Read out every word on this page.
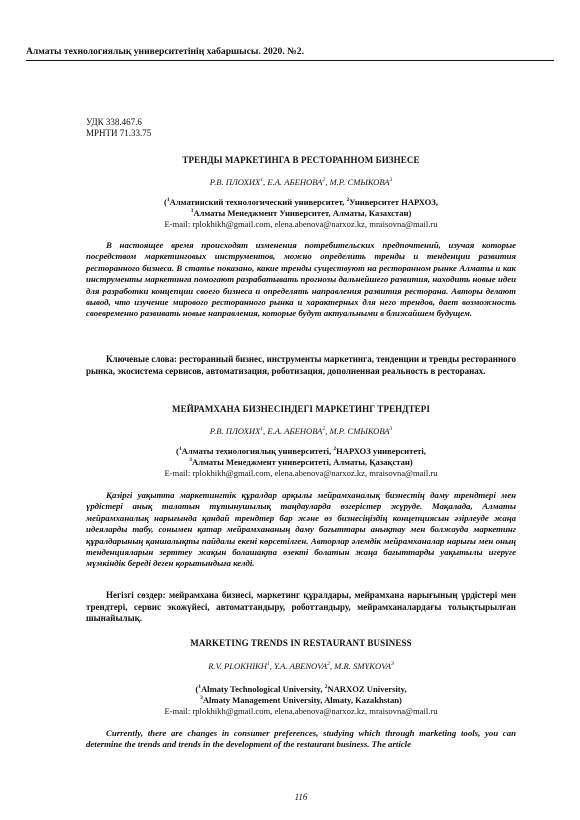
Алматы технологиялық университетінің хабаршысы. 2020. №2.
УДК 338.467.6
МРНТИ 71.33.75
ТРЕНДЫ МАРКЕТИНГА В РЕСТОРАННОМ БИЗНЕСЕ
Р.В. ПЛОХИХ$^1$, Е.А. АБЕНОВА$^2$, М.Р. СМЫКОВА$^3$
($^1$Алматинский технологический университет, $^2$Университет НАРХОЗ,
$^3$Алматы Менеджмент Университет, Алматы, Казахстан)
E-mail: rplokhikh@gmail.com, elena.abenova@narxoz.kz, mraisovna@mail.ru
В настоящее время происходят изменения потребительских предпочтений, изучая которые посредством маркетинговых инструментов, можно определить тренды и тенденции развития ресторанного бизнеса. В статье показано, какие тренды существуют на ресторанном рынке Алматы и как инструменты маркетинга помогают разрабатывать прогнозы дальнейшего развития, находить новые идеи для разработки концепции своего бизнеса и определять направления развития ресторана. Авторы делают вывод, что изучение мирового ресторанного рынка и характерных для него трендов, дает возможность своевременно развивать новые направления, которые будут актуальными в ближайшем будущем.
Ключевые слова: ресторанный бизнес, инструменты маркетинга, тенденции и тренды ресторанного рынка, экосистема сервисов, автоматизация, роботизация, дополненная реальность в ресторанах.
МЕЙРАМХАНА БИЗНЕСІНДЕГІ МАРКЕТИНГ ТРЕНДТЕРІ
Р.В. ПЛОХИХ$^1$, Е.А. АБЕНОВА$^2$, М.Р. СМЫКОВА$^3$
($^1$Алматы технологиялық университеті, $^2$НАРХОЗ университеті,
$^3$Алматы Менеджмент университеті, Алматы, Қазақстан)
E-mail: rplokhikh@gmail.com, elena.abenova@narxoz.kz, mraisovna@mail.ru
Қазіргі уақытта маркетингтік құралдар арқылы мейрамханалық бизнестің даму трендтері мен үрдістері анық талатын тұтынушылық таңдауларда өзгерістер жүруде. Мақалада, Алматы мейрамханалық нарығында қандай трендтер бар және өз бизнесіңіздің концепциясын әзірлеуде жаңа идеяларды табу, сонымен қатар мейрамхананың даму бағыттары анықтау мен болжауда маркетинг құралдарының қаншалықты пайдалы екені көрсетілген. Авторлар әлемдік мейрамханалар нарығы мен оның тенденцияларын зерттеу жақын болашақта өзекті болатын жаңа бағыттарды уақытылы игеруге мүмкіндік береді деген қорытындыға келді.
Негізгі сөздер: мейрамхана бизнесі, маркетинг құралдары, мейрамхана нарығының үрдістері мен трендтері, сервис экожүйесі, автоматтандыру, роботтандыру, мейрамханалардағы толықтырылған шынайылық.
MARKETING TRENDS IN RESTAURANT BUSINESS
R.V. PLOKHIKH$^1$, Y.A. ABENOVA$^2$, M.R. SMYKOVA$^3$
($^1$Almaty Technological University, $^2$NARXOZ University,
$^3$Almaty Management University, Almaty, Kazakhstan)
E-mail: rplokhikh@gmail.com, elena.abenova@narxoz.kz, mraisovna@mail.ru
Currently, there are changes in consumer preferences, studying which through marketing tools, you can determine the trends and trends in the development of the restaurant business. The article
116
